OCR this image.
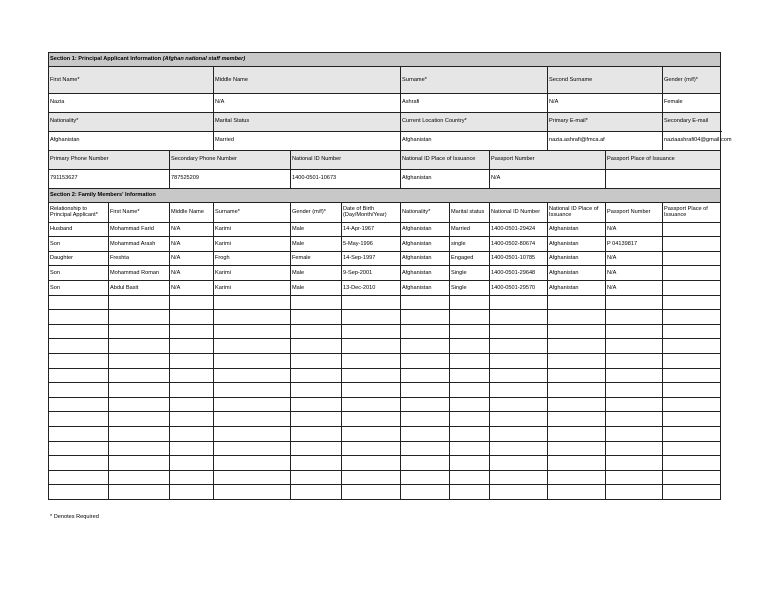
Section 1: Principal Applicant Information (Afghan national staff member)												
First Name*			Middle Name			Surname*			Second Surname		Gender (m/f)*	
Nazia			N/A			Ashrafi			N/A		Female	
Nationality*			Marital Status			Current Location Country*			Primary E-mail*		Secondary E-mail	
Afghanistan			Married			Afghanistan			nazia.ashrafi@fmca.af		naziaashrafi04@gmail.com	
Primary Phone Number		Secondary Phone Number		National ID Number		National ID Place of Issuance		Passport Number		Passport Place of Issuance		
791153627		787525209		1400-0501-10673		Afghanistan		N/A				
Section 2: Family Members' Information												
Relationship to Principal Applicant*	First Name*	Middle Name	Surname*	Gender (m/f)*	Date of Birth (Day/Month/Year)	Nationality*	Marital status	National ID Number	National ID Place of Issuance	Passport Number	Passport Place of Issuance	
Husband	Mohammad Farid	N/A	Karimi	Male	14-Apr-1967	Afghanistan	Married	1400-0501-29424	Afghanistan	N/A		
Son	Mohammad Arash	N/A	Karimi	Male	5-May-1996	Afghanistan	single	1400-0502-80674	Afghanistan	P 04139817		
Daughter	Freshta	N/A	Frogh	Female	14-Sep-1997	Afghanistan	Engaged	1400-0501-10785	Afghanistan	N/A		
Son	Mohammad Roman	N/A	Karimi	Male	9-Sep-2001	Afghanistan	Single	1400-0501-29648	Afghanistan	N/A		
Son	Abdul Basit	N/A	Karimi	Male	13-Dec-2010	Afghanistan	Single	1400-0501-29570	Afghanistan	N/A		

* Denotes Required
